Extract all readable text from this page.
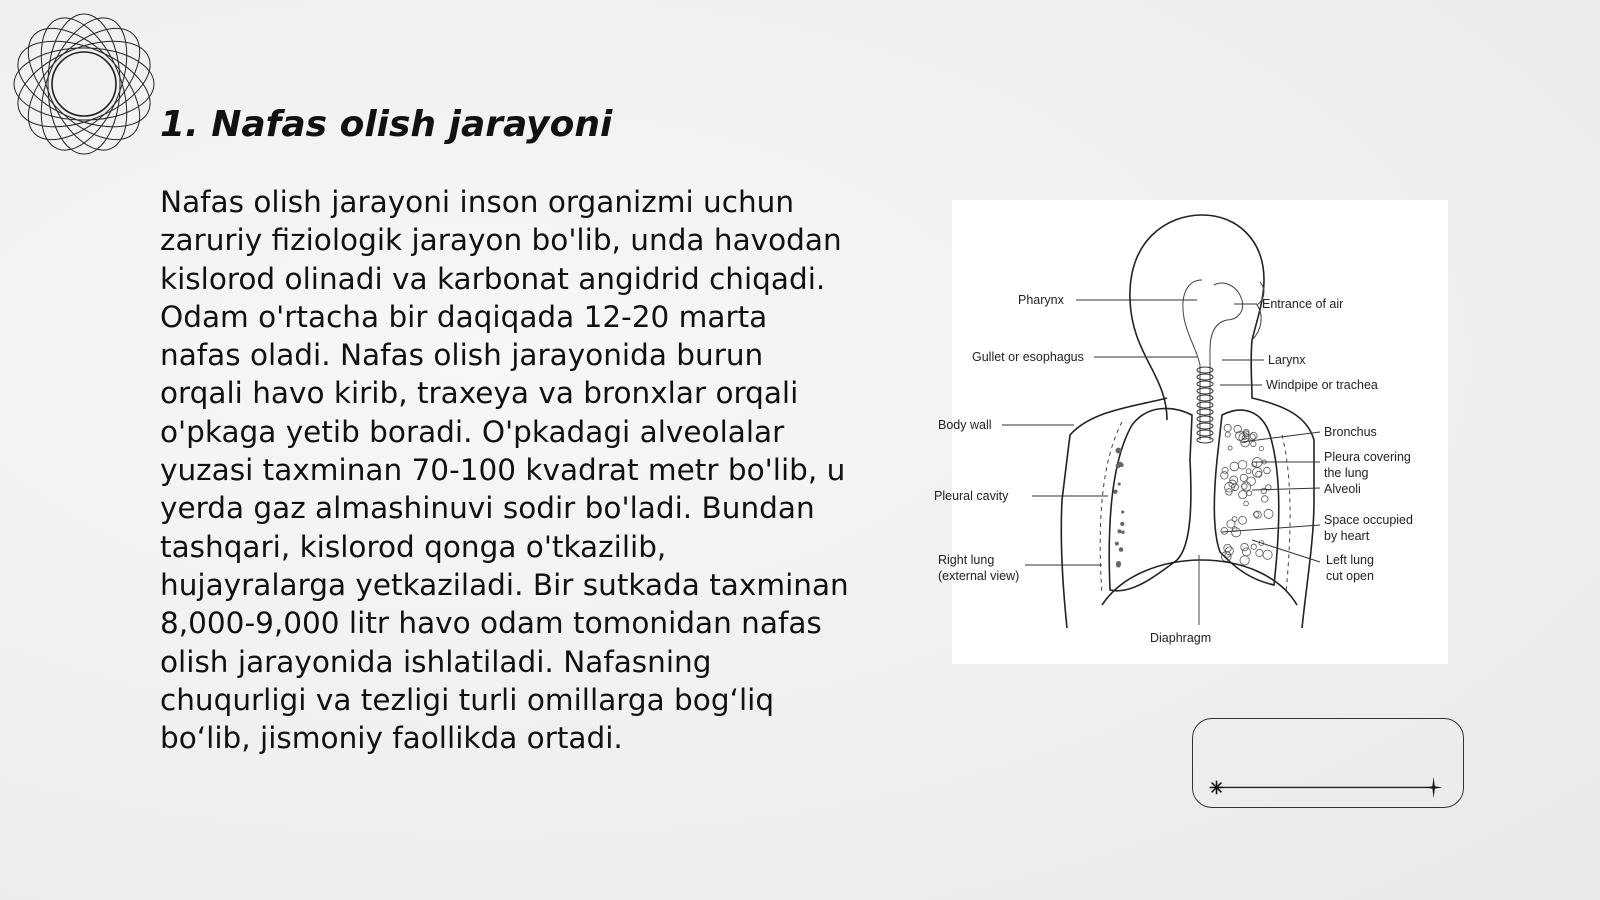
1. Nafas olish jarayoni

Nafas olish jarayoni inson organizmi uchun zaruriy fiziologik jarayon bo'lib, unda havodan kislorod olinadi va karbonat angidrid chiqadi. Odam o'rtacha bir daqiqada 12-20 marta nafas oladi. Nafas olish jarayonida burun orqali havo kirib, traxeya va bronxlar orqali o'pkaga yetib boradi. O'pkadagi alveolalar yuzasi taxminan 70-100 kvadrat metr bo'lib, u yerda gaz almashinuvi sodir bo'ladi. Bundan tashqari, kislorod qonga o'tkazilib, hujayralarga yetkaziladi. Bir sutkada taxminan 8,000-9,000 litr havo odam tomonidan nafas olish jarayonida ishlatiladi. Nafasning chuqurligi va tezligi turli omillarga bog‘liq bo‘lib, jismoniy faollikda ortadi.

Pharynx	Entrance of air
Gullet or esophagus	Larynx
Windpipe or trachea
Body wall	Bronchus
Pleura covering
the lung
Alveoli
Pleural cavity
Space occupied
by heart
Right lung
(external view)
Left lung
cut open
Diaphragm
